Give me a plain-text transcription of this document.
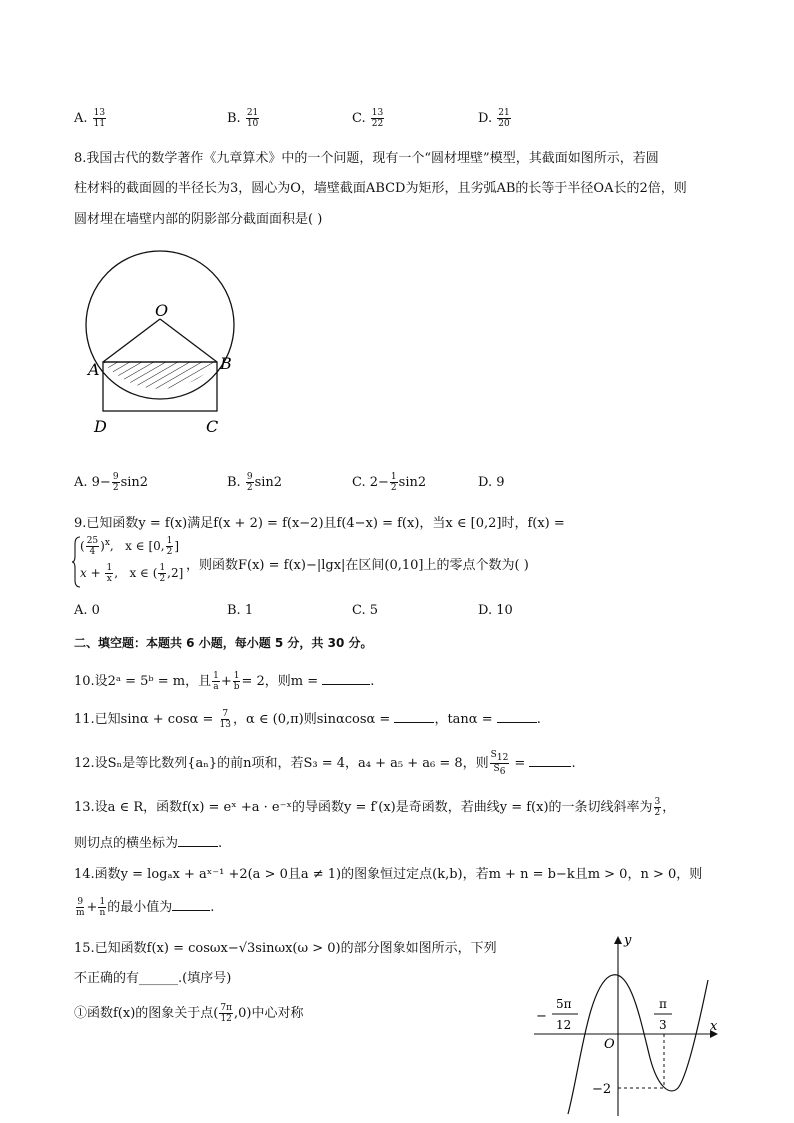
A. $\frac{13}{11}$	B. $\frac{21}{10}$	C. $\frac{13}{22}$	D. $\frac{21}{20}$
8.我国古代的数学著作《九章算术》中的一个问题，现有一个“圆材埋壁”模型，其截面如图所示，若圆
柱材料的截面圆的半径长为3，圆心为O，墙壁截面ABCD为矩形，且劣弧AB的长等于半径OA长的2倍，则
圆材埋在墙壁内部的阴影部分截面面积是( )
O
A	B
D	C
A. $9- \frac{9}{2} \sin 2$	B. $\frac{9}{2} \sin 2$	C. $2- \frac{1}{2} \sin 2$	D. 9
9.已知函数y = f(x)满足f(x + 2) = f(x−2)且f(4−x) = f(x)，当x ∈ [0,2]时，f(x) =
( $\frac{25}{4} )^x$,   x ∈ [0, $\frac{1}{2}$ ]
$x + \frac{1}{x}$ ,   x ∈ ( $\frac{1}{2} ,2$] ，则函数F(x) = f(x)−|lgx|在区间(0,10]上的零点个数为( )
A. 0	B. 1	C. 5	D. 10
二、填空题：本题共 6 小题，每小题 5 分，共 30 分。
10.设2ᵃ = 5ᵇ = m，且 $\frac{1}{a} + \frac{1}{b} = 2$，则m =	.
11.已知$\sin\alpha + \cos\alpha = \frac{7}{13}$ ，α ∈ (0,π)则sinαcosα =	，tanα =	.
12.设Sₙ是等比数列{aₙ}的前n项和，若S₃ = 4，a₄ + a₅ + a₆ = 8，则 $\frac{S_{12}}{S_6}$ =	.
13.设a ∈ R，函数f(x) = eˣ +a · e⁻ˣ的导函数y = f′(x)是奇函数，若曲线y = f(x)的一条切线斜率为 $\frac{3}{2}$ ，
则切点的横坐标为	.
14.函数y = logₐx + aˣ⁻¹ +2(a > 0且a ≠ 1)的图象恒过定点(k,b)，若m + n = b−k且m > 0，n > 0，则
$\frac{9}{m} + \frac{1}{n}$ 的最小值为	.
15.已知函数f(x) = cosωx−√3sinωx(ω > 0)的部分图象如图所示，下列
不正确的有______.(填序号)
①函数f(x)的图象关于点( $\frac{7\pi}{12} ,0$)中心对称
y
x
O
−2
−
5π
12
π
3
